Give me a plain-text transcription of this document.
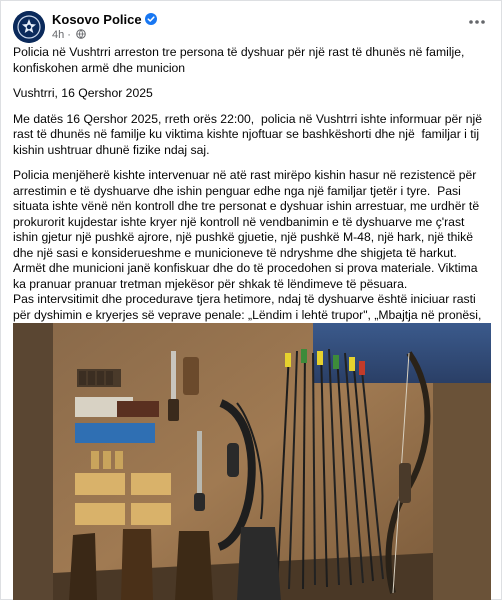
Kosovo Police
4h ·

Policia në Vushtrri arreston tre persona të dyshuar për një rast të dhunës në familje, konfiskohen armë dhe municion

Vushtrri, 16 Qershor 2025

Me datës 16 Qershor 2025, rreth orës 22:00,  policia në Vushtrri ishte informuar për një rast të dhunës në familje ku viktima kishte njoftuar se bashkëshorti dhe një  familjar i tij kishin ushtruar dhunë fizike ndaj saj.

Policia menjëherë kishte intervenuar në atë rast mirëpo kishin hasur në rezistencë për arrestimin e të dyshuarve dhe ishin penguar edhe nga një familjar tjetër i tyre.  Pasi situata ishte vënë nën kontroll dhe tre personat e dyshuar ishin arrestuar, me urdhër të prokurorit kujdestar ishte kryer një kontroll në vendbanimin e të dyshuarve me ç'rast ishin gjetur një pushkë ajrore, një pushkë gjuetie, një pushkë M-48, një hark, një thikë dhe një sasi e konsiderueshme e municioneve të ndryshme dhe shigjeta të harkut.  Armët dhe municioni janë konfiskuar dhe do të procedohen si prova materiale. Viktima ka pranuar pranuar tretman mjekësor për shkak të lëndimeve të pësuara.

Pas intervsitimit dhe procedurave tjera hetimore, ndaj të dyshuarve është iniciuar rasti për dyshimin e kryerjes së veprave penale: „Lëndim i lehtë trupor", „Mbajtja në pronësi,
